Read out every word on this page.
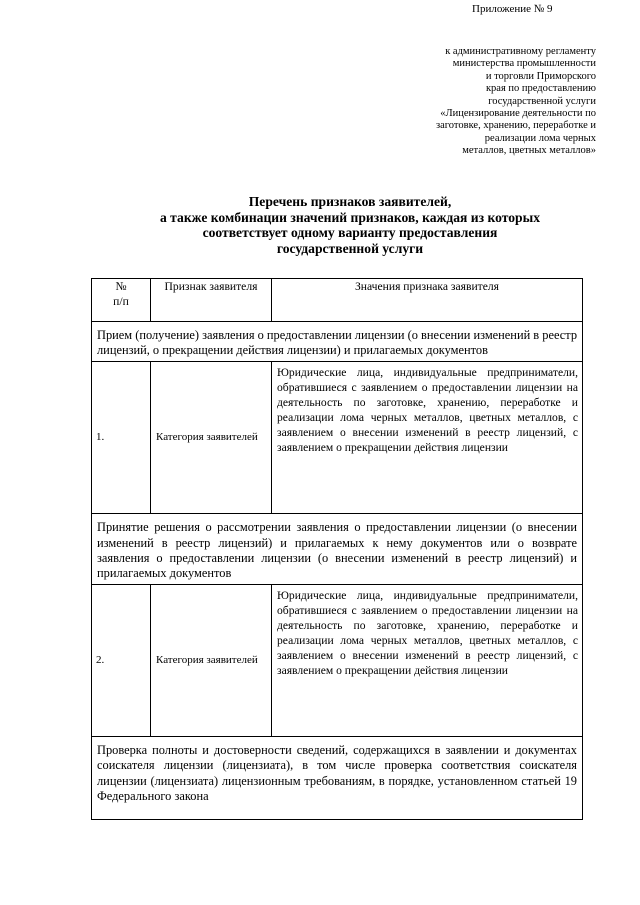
Приложение № 9
к административному регламенту
министерства промышленности
и торговли Приморского
края по предоставлению
государственной услуги
«Лицензирование деятельности по
заготовке, хранению, переработке и
реализации лома черных
металлов, цветных металлов»
Перечень признаков заявителей,
а также комбинации значений признаков, каждая из которых
соответствует одному варианту предоставления
государственной услуги
№
п/п	Признак заявителя	Значения признака заявителя
Прием (получение) заявления о предоставлении лицензии (о внесении изменений в реестр лицензий, о прекращении действия лицензии) и прилагаемых документов		
1.	Категория заявителей	Юридические лица, индивидуальные предприниматели, обратившиеся с заявлением о предоставлении лицензии на деятельность по заготовке, хранению, переработке и реализации лома черных металлов, цветных металлов, с заявлением о внесении изменений в реестр лицензий, с заявлением о прекращении действия лицензии
Принятие решения о рассмотрении заявления о предоставлении лицензии (о внесении изменений в реестр лицензий) и прилагаемых к нему документов или о возврате заявления о предоставлении лицензии (о внесении изменений в реестр лицензий) и прилагаемых документов		
2.	Категория заявителей	Юридические лица, индивидуальные предприниматели, обратившиеся с заявлением о предоставлении лицензии на деятельность по заготовке, хранению, переработке и реализации лома черных металлов, цветных металлов, с заявлением о внесении изменений в реестр лицензий, с заявлением о прекращении действия лицензии
Проверка полноты и достоверности сведений, содержащихся в заявлении и документах соискателя лицензии (лицензиата), в том числе проверка соответствия соискателя лицензии (лицензиата) лицензионным требованиям, в порядке, установленном статьей 19 Федерального закона		
